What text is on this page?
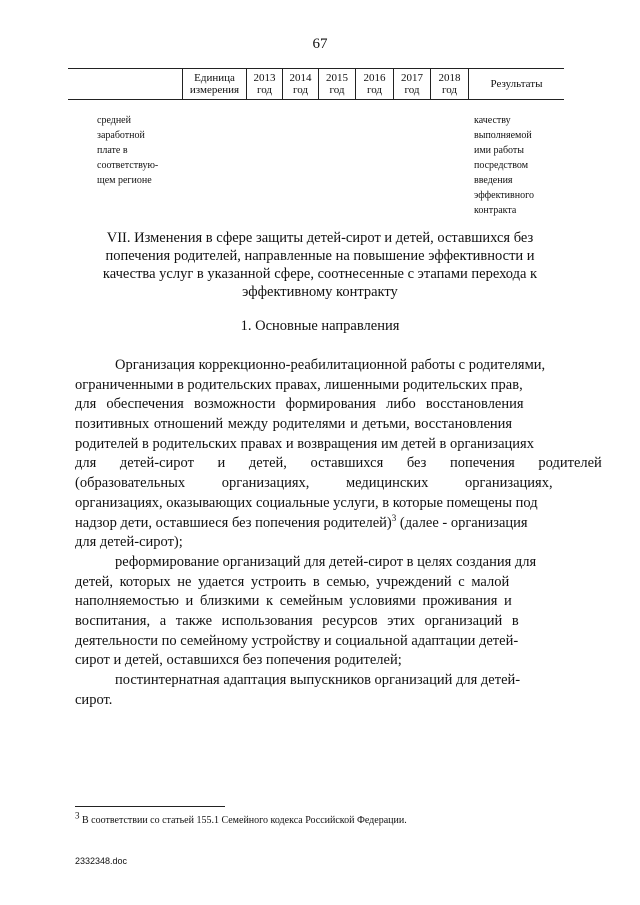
67
Единица
измерения
2013
год
2014
год
2015
год
2016
год
2017
год
2018
год	Результаты
средней
заработной
плате в
соответствую-
щем регионе
качеству
выполняемой
ими работы
посредством
введения
эффективного
контракта
VII. Изменения в сфере защиты детей-сирот и детей, оставшихся без
попечения родителей, направленные на повышение эффективности и
качества услуг в указанной сфере, соотнесенные с этапами перехода к
эффективному контракту
1. Основные направления
Организация коррекционно-реабилитационной работы с родителями,
ограниченными в родительских правах, лишенными родительских прав,
для обеспечения возможности формирования либо восстановления
позитивных отношений между родителями и детьми, восстановления
родителей в родительских правах и возвращения им детей в организациях
для детей-сирот и детей, оставшихся без попечения родителей
(образовательных организациях, медицинских организациях,
организациях, оказывающих социальные услуги, в которые помещены под
надзор дети, оставшиеся без попечения родителей)$^3$ (далее - организация
для детей-сирот);
реформирование организаций для детей-сирот в целях создания для
детей, которых не удается устроить в семью, учреждений с малой
наполняемостью и близкими к семейным условиями проживания и
воспитания, а также использования ресурсов этих организаций в
деятельности по семейному устройству и социальной адаптации детей-
сирот и детей, оставшихся без попечения родителей;
постинтернатная адаптация выпускников организаций для детей-
сирот.
$^3$ В соответствии со статьей 155.1 Семейного кодекса Российской Федерации.
2332348.doc
